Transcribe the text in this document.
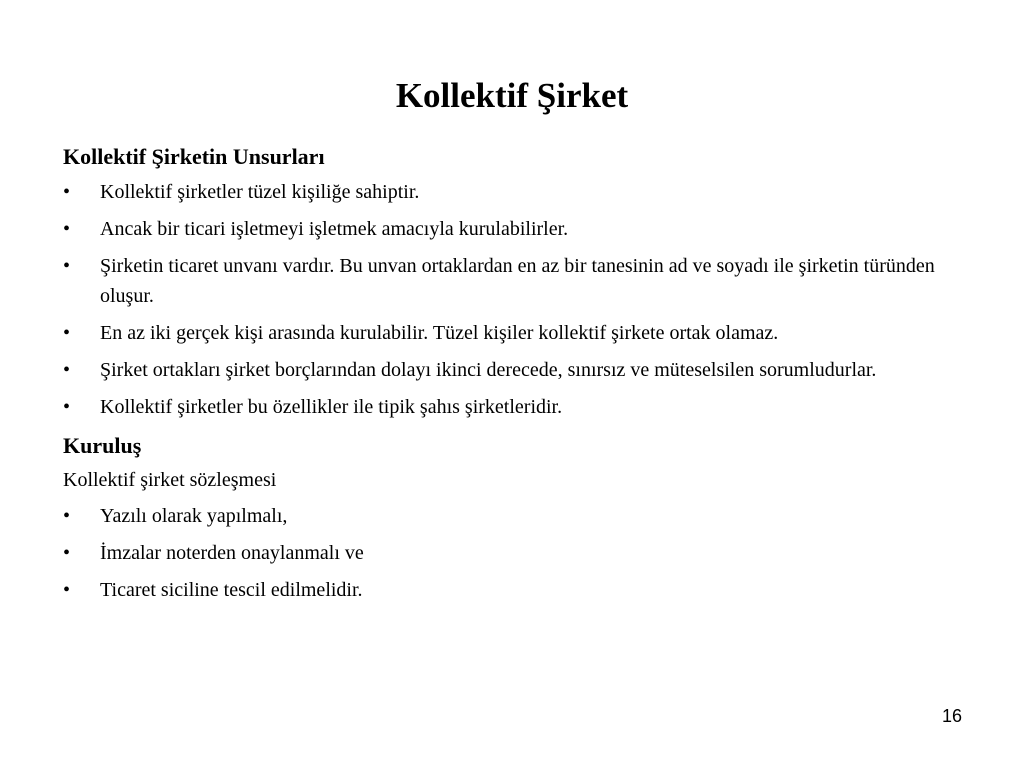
Kollektif Şirket
Kollektif Şirketin Unsurları
• Kollektif şirketler tüzel kişiliğe sahiptir.
• Ancak bir ticari işletmeyi işletmek amacıyla kurulabilirler.
• Şirketin ticaret unvanı vardır. Bu unvan ortaklardan en az bir tanesinin ad ve soyadı ile şirketin türünden oluşur.
• En az iki gerçek kişi arasında kurulabilir. Tüzel kişiler kollektif şirkete ortak olamaz.
• Şirket ortakları şirket borçlarından dolayı ikinci derecede, sınırsız ve müteselsilen sorumludurlar.
• Kollektif şirketler bu özellikler ile tipik şahıs şirketleridir.
Kuruluş
Kollektif şirket sözleşmesi
• Yazılı olarak yapılmalı,
• İmzalar noterden onaylanmalı ve
• Ticaret siciline tescil edilmelidir.
16
